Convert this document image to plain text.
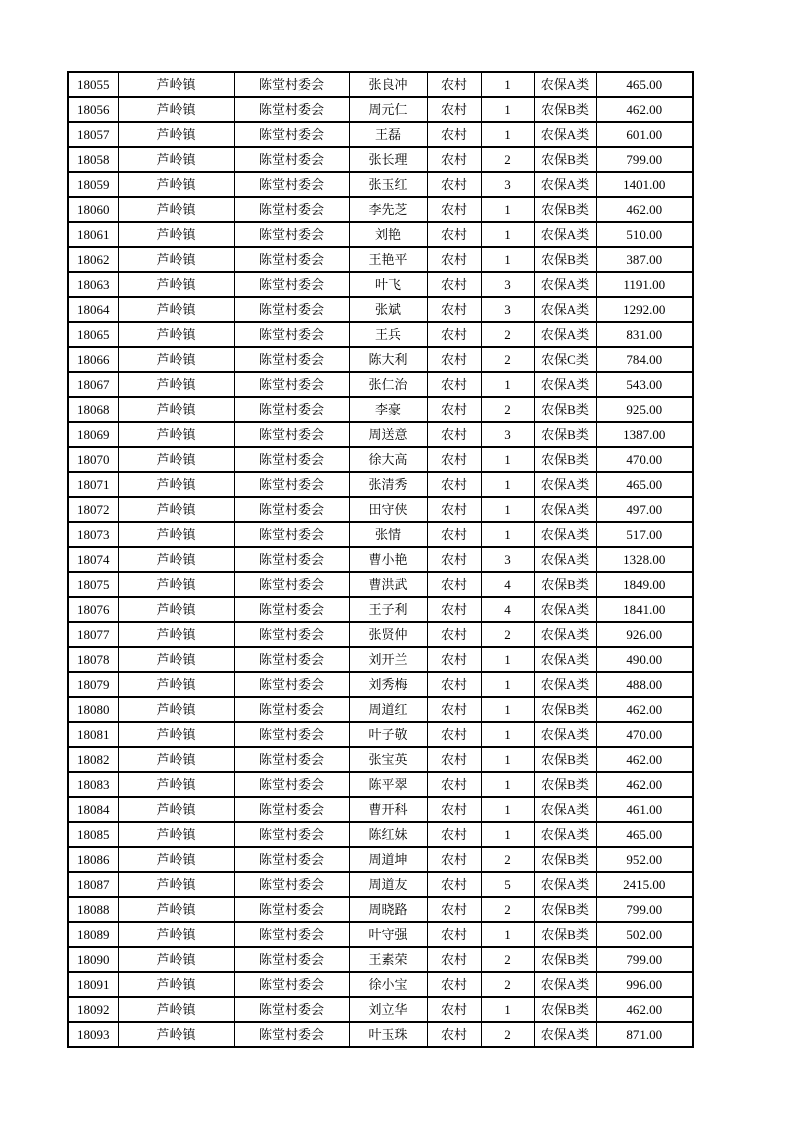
18055	芦岭镇	陈堂村委会	张良冲	农村	1	农保A类	465.00
18056	芦岭镇	陈堂村委会	周元仁	农村	1	农保B类	462.00
18057	芦岭镇	陈堂村委会	王磊	农村	1	农保A类	601.00
18058	芦岭镇	陈堂村委会	张长理	农村	2	农保B类	799.00
18059	芦岭镇	陈堂村委会	张玉红	农村	3	农保A类	1401.00
18060	芦岭镇	陈堂村委会	李先芝	农村	1	农保B类	462.00
18061	芦岭镇	陈堂村委会	刘艳	农村	1	农保A类	510.00
18062	芦岭镇	陈堂村委会	王艳平	农村	1	农保B类	387.00
18063	芦岭镇	陈堂村委会	叶飞	农村	3	农保A类	1191.00
18064	芦岭镇	陈堂村委会	张斌	农村	3	农保A类	1292.00
18065	芦岭镇	陈堂村委会	王兵	农村	2	农保A类	831.00
18066	芦岭镇	陈堂村委会	陈大利	农村	2	农保C类	784.00
18067	芦岭镇	陈堂村委会	张仁治	农村	1	农保A类	543.00
18068	芦岭镇	陈堂村委会	李豪	农村	2	农保B类	925.00
18069	芦岭镇	陈堂村委会	周送意	农村	3	农保B类	1387.00
18070	芦岭镇	陈堂村委会	徐大高	农村	1	农保B类	470.00
18071	芦岭镇	陈堂村委会	张清秀	农村	1	农保A类	465.00
18072	芦岭镇	陈堂村委会	田守侠	农村	1	农保A类	497.00
18073	芦岭镇	陈堂村委会	张情	农村	1	农保A类	517.00
18074	芦岭镇	陈堂村委会	曹小艳	农村	3	农保A类	1328.00
18075	芦岭镇	陈堂村委会	曹洪武	农村	4	农保B类	1849.00
18076	芦岭镇	陈堂村委会	王子利	农村	4	农保A类	1841.00
18077	芦岭镇	陈堂村委会	张贤仲	农村	2	农保A类	926.00
18078	芦岭镇	陈堂村委会	刘开兰	农村	1	农保A类	490.00
18079	芦岭镇	陈堂村委会	刘秀梅	农村	1	农保A类	488.00
18080	芦岭镇	陈堂村委会	周道红	农村	1	农保B类	462.00
18081	芦岭镇	陈堂村委会	叶子敬	农村	1	农保A类	470.00
18082	芦岭镇	陈堂村委会	张宝英	农村	1	农保B类	462.00
18083	芦岭镇	陈堂村委会	陈平翠	农村	1	农保B类	462.00
18084	芦岭镇	陈堂村委会	曹开科	农村	1	农保A类	461.00
18085	芦岭镇	陈堂村委会	陈红妹	农村	1	农保A类	465.00
18086	芦岭镇	陈堂村委会	周道坤	农村	2	农保B类	952.00
18087	芦岭镇	陈堂村委会	周道友	农村	5	农保A类	2415.00
18088	芦岭镇	陈堂村委会	周晓路	农村	2	农保B类	799.00
18089	芦岭镇	陈堂村委会	叶守强	农村	1	农保B类	502.00
18090	芦岭镇	陈堂村委会	王素荣	农村	2	农保B类	799.00
18091	芦岭镇	陈堂村委会	徐小宝	农村	2	农保A类	996.00
18092	芦岭镇	陈堂村委会	刘立华	农村	1	农保B类	462.00
18093	芦岭镇	陈堂村委会	叶玉珠	农村	2	农保A类	871.00
